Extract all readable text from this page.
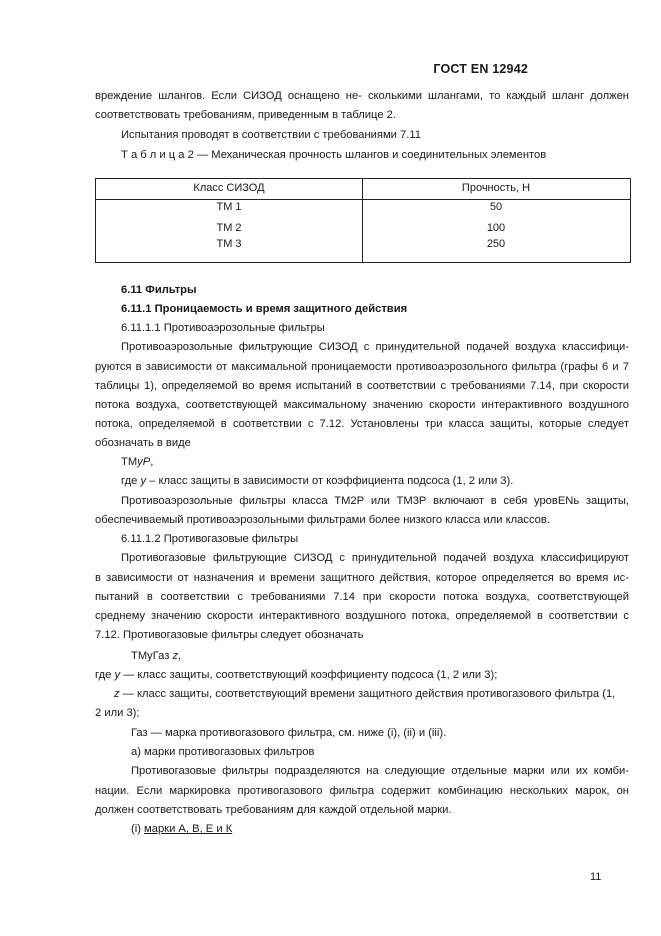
ГОСТ EN 12942
вреждение шлангов. Если СИЗОД оснащено не- сколькими шлангами, то каждый шланг должен
соответствовать требованиям, приведенным в таблице 2.
Испытания проводят в соответствии с требованиями 7.11
Т а б л и ц а 2 — Механическая прочность шлангов и соединительных элементов
Класс СИЗОД	Прочность, Н
ТМ 1	50
ТМ 2	100
ТМ 3	250
6.11 Фильтры
6.11.1 Проницаемость и время защитного действия
6.11.1.1 Противоаэрозольные фильтры
Противоаэрозольные фильтрующие СИЗОД с принудительной подачей воздуха классифици-
руются в зависимости от максимальной проницаемости противоаэрозольного фильтра (графы 6 и 7
таблицы 1), определяемой во время испытаний в соответствии с требованиями 7.14, при скорости
потока воздуха, соответствующей максимальному значению скорости интерактивного воздушного
потока, определяемой в соответствии с 7.12. Установлены три класса защиты, которые следует
обозначать в виде
ТМyP,
где y – класс защиты в зависимости от коэффициента подсоса (1, 2 или 3).
Противоаэрозольные фильтры класса ТМ2Р или ТМ3Р включают в себя уровЕNь защиты,
обеспечиваемый противоаэрозольными фильтрами более низкого класса или классов.
6.11.1.2 Противогазовые фильтры
Противогазовые фильтрующие СИЗОД с принудительной подачей воздуха классифицируют
в зависимости от назначения и времени защитного действия, которое определяется во время ис-
пытаний в соответствии с требованиями 7.14 при скорости потока воздуха, соответствующей
среднему значению скорости интерактивного воздушного потока, определяемой в соответствии с
7.12. Противогазовые фильтры следует обозначать
ТМyГаз z,
где y — класс защиты, соответствующий коэффициенту подсоса (1, 2 или 3);
z — класс защиты, соответствующий времени защитного действия противогазового фильтра (1,
2 или 3);
Газ — марка противогазового фильтра, см. ниже (i), (ii) и (iii).
a) марки противогазовых фильтров
Противогазовые фильтры подразделяются на следующие отдельные марки или их комби-
нации. Если маркировка противогазового фильтра содержит комбинацию нескольких марок, он
должен соответствовать требованиям для каждой отдельной марки.
(i) марки А, В, Е и К
11
